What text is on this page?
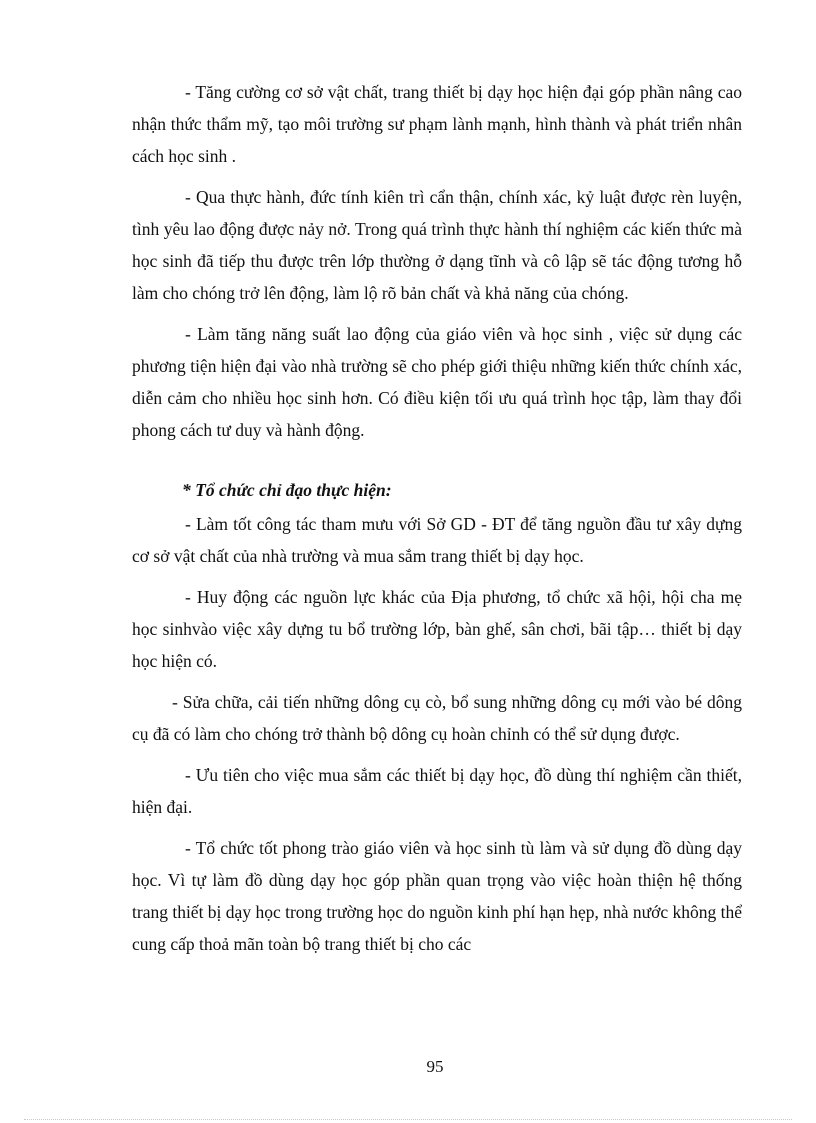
- Tăng cường cơ sở vật chất, trang thiết bị dạy học hiện đại góp phần nâng cao nhận thức thẩm mỹ, tạo môi trường sư phạm lành mạnh, hình thành và phát triển nhân cách học sinh .

- Qua thực hành, đức tính kiên trì cẩn thận, chính xác, kỷ luật được rèn luyện, tình yêu lao động được nảy nở. Trong quá trình thực hành thí nghiệm các kiến thức mà học sinh đã tiếp thu được trên lớp thường ở dạng tĩnh và cô lập sẽ tác động tương hỗ làm cho chóng trở lên động, làm lộ rõ bản chất và khả năng của chóng.

- Làm tăng năng suất lao động của giáo viên và học sinh , việc sử dụng các phương tiện hiện đại vào nhà trường sẽ cho phép giới thiệu những kiến thức chính xác, diễn cảm cho nhiều học sinh hơn. Có điều kiện tối ưu quá trình học tập, làm thay đổi phong cách tư duy và hành động.

* Tổ chức chỉ đạo thực hiện:

- Làm tốt công tác tham mưu với Sở GD - ĐT để tăng nguồn đầu tư xây dựng cơ sở vật chất của nhà trường và mua sắm trang thiết bị dạy học.

- Huy động các nguồn lực khác của Địa phương, tổ chức xã hội, hội cha mẹ học sinhvào việc xây dựng tu bổ trường lớp, bàn ghế, sân chơi, bãi tập… thiết bị dạy học hiện có.

- Sửa chữa, cải tiến những dông cụ cò, bổ sung những dông cụ mới vào bé dông cụ đã có làm cho chóng trở thành bộ dông cụ hoàn chỉnh có thể sử dụng được.

- Ưu tiên cho việc mua sắm các thiết bị dạy học, đồ dùng thí nghiệm cần thiết, hiện đại.

- Tổ chức tốt phong trào giáo viên và học sinh tù làm và sử dụng đồ dùng dạy học. Vì tự làm đồ dùng dạy học góp phần quan trọng vào việc hoàn thiện hệ thống trang thiết bị dạy học trong trường học do nguồn kinh phí hạn hẹp, nhà nước không thể cung cấp thoả mãn toàn bộ trang thiết bị cho các

95
